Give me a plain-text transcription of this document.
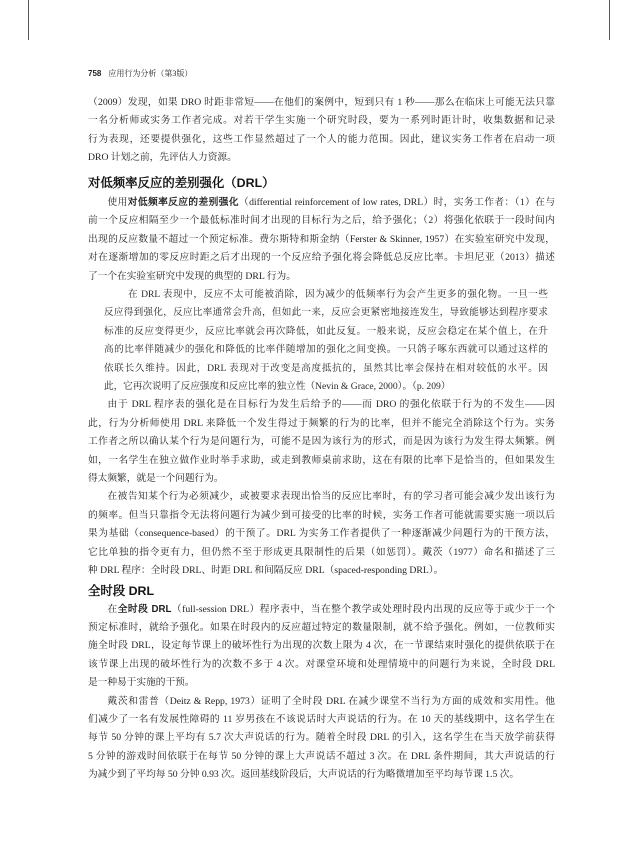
758 应用行为分析（第3版）
（2009）发现，如果 DRO 时距非常短——在他们的案例中，短到只有 1 秒——那么在临床上可能无法只靠
一名分析师或实务工作者完成。对若干学生实施一个研究时段，要为一系列时距计时，收集数据和记录
行为表现，还要提供强化，这些工作显然超过了一个人的能力范围。因此，建议实务工作者在启动一项
DRO 计划之前，先评估人力资源。
对低频率反应的差别强化（DRL）
使用对低频率反应的差别强化（differential reinforcement of low rates, DRL）时，实务工作者：（1）在与
前一个反应相隔至少一个最低标准时间才出现的目标行为之后，给予强化；（2）将强化依联于一段时间内
出现的反应数量不超过一个预定标准。费尔斯特和斯金纳（Ferster & Skinner, 1957）在实验室研究中发现，
对在逐渐增加的零反应时距之后才出现的一个反应给予强化将会降低总反应比率。卡坦尼亚（2013）描述
了一个在实验室研究中发现的典型的 DRL 行为。
在 DRL 表现中，反应不太可能被消除，因为减少的低频率行为会产生更多的强化物。一旦一些
反应得到强化，反应比率通常会升高，但如此一来，反应会更紧密地接连发生，导致能够达到程序要求
标准的反应变得更少，反应比率就会再次降低，如此反复。一般来说，反应会稳定在某个值上，在升
高的比率伴随减少的强化和降低的比率伴随增加的强化之间变换。一只鸽子啄东西就可以通过这样的
依联长久维持。因此，DRL 表现对于改变是高度抵抗的，虽然其比率会保持在相对较低的水平。因
此，它再次说明了反应强度和反应比率的独立性（Nevin & Grace, 2000）。（p. 209）
由于 DRL 程序表的强化是在目标行为发生后给予的——而 DRO 的强化依联于行为的不发生——因
此，行为分析师使用 DRL 来降低一个发生得过于频繁的行为的比率，但并不能完全消除这个行为。实务
工作者之所以确认某个行为是问题行为，可能不是因为该行为的形式，而是因为该行为发生得太频繁。例
如，一名学生在独立做作业时举手求助，或走到教师桌前求助，这在有限的比率下是恰当的，但如果发生
得太频繁，就是一个问题行为。
在被告知某个行为必须减少，或被要求表现出恰当的反应比率时，有的学习者可能会减少发出该行为
的频率。但当只靠指令无法将问题行为减少到可接受的比率的时候，实务工作者可能就需要实施一项以后
果为基础（consequence-based）的干预了。DRL 为实务工作者提供了一种逐渐减少问题行为的干预方法，
它比单独的指令更有力，但仍然不至于形成更具限制性的后果（如惩罚）。戴茨（1977）命名和描述了三
种 DRL 程序：全时段 DRL、时距 DRL 和间隔反应 DRL（spaced-responding DRL）。
全时段 DRL
在全时段 DRL（full-session DRL）程序表中，当在整个教学或处理时段内出现的反应等于或少于一个
预定标准时，就给予强化。如果在时段内的反应超过特定的数量限制，就不给予强化。例如，一位教师实
施全时段 DRL，设定每节课上的破坏性行为出现的次数上限为 4 次，在一节课结束时强化的提供依联于在
该节课上出现的破坏性行为的次数不多于 4 次。对课堂环境和处理情境中的问题行为来说，全时段 DRL
是一种易于实施的干预。
戴茨和雷普（Deitz & Repp, 1973）证明了全时段 DRL 在减少课堂不当行为方面的成效和实用性。他
们减少了一名有发展性障碍的 11 岁男孩在不该说话时大声说话的行为。在 10 天的基线期中，这名学生在
每节 50 分钟的课上平均有 5.7 次大声说话的行为。随着全时段 DRL 的引入，这名学生在当天放学前获得
5 分钟的游戏时间依联于在每节 50 分钟的课上大声说话不超过 3 次。在 DRL 条件期间，其大声说话的行
为减少到了平均每 50 分钟 0.93 次。返回基线阶段后，大声说话的行为略微增加至平均每节课 1.5 次。
